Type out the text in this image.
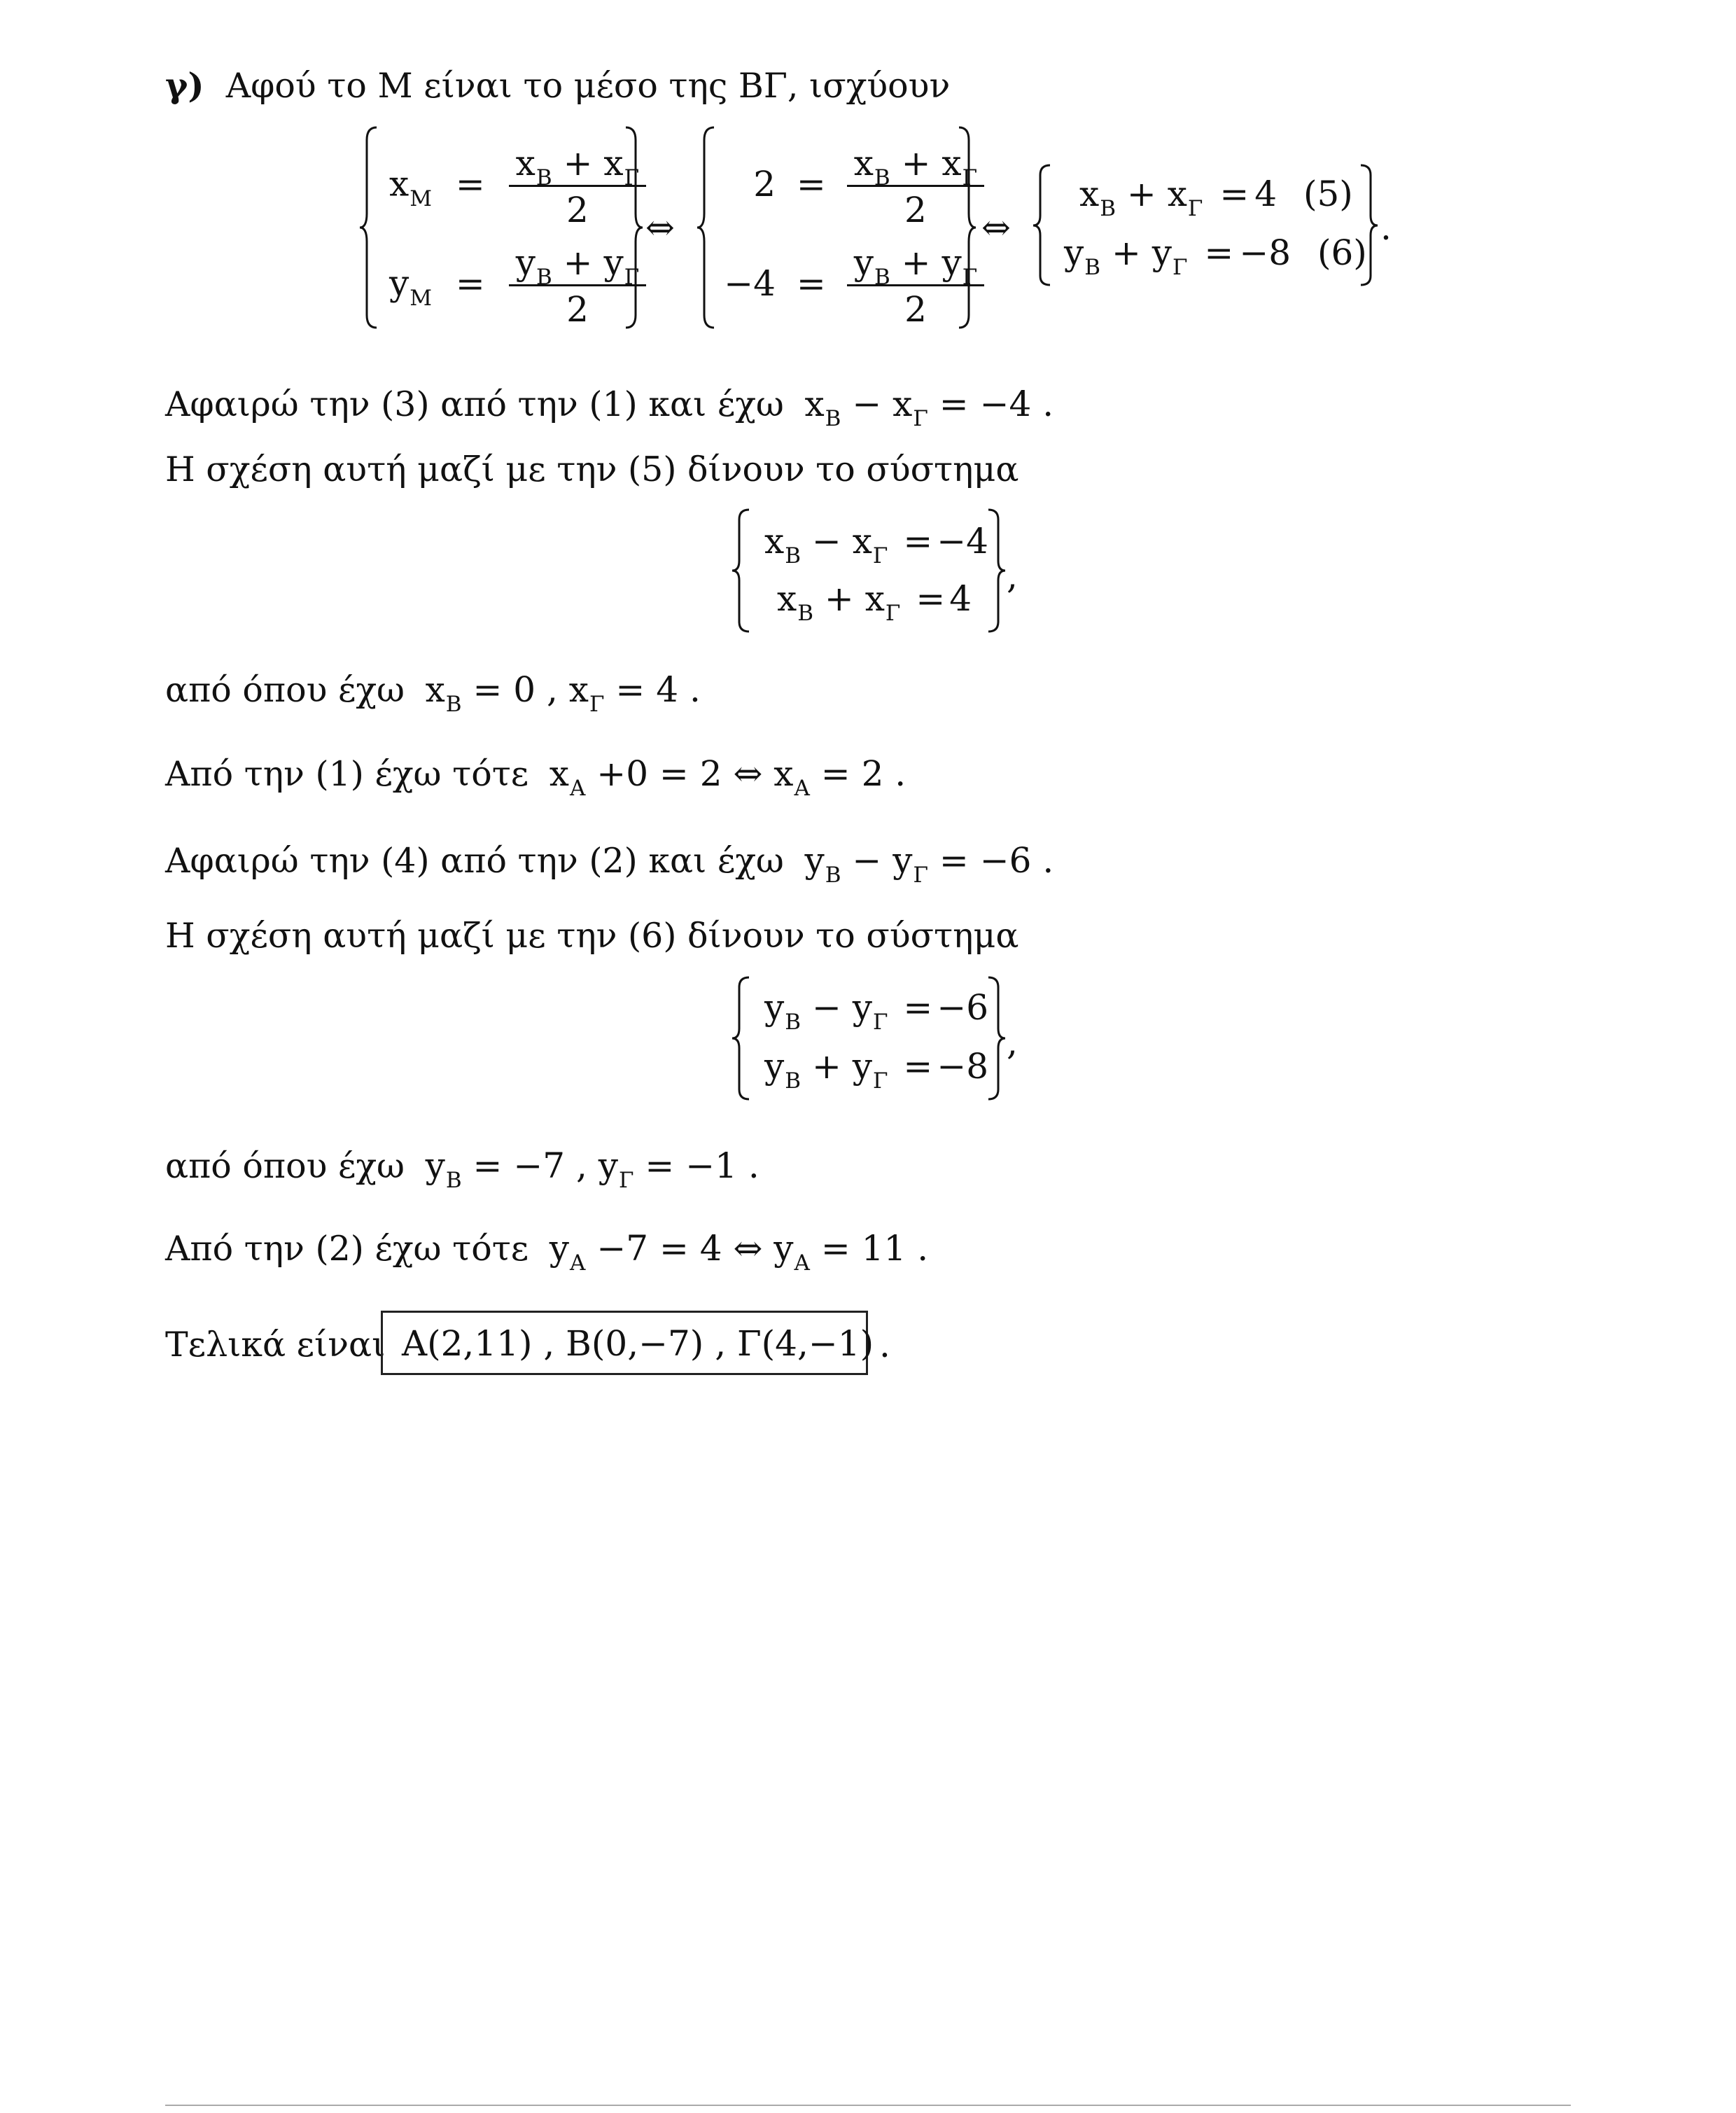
γ) Αφού το Μ είναι το μέσο της ΒΓ, ισχύουν
$x_M = \frac{x_B + x_\Gamma}{2}$
$y_M = \frac{y_B + y_\Gamma}{2}$
⇔
$2 = \frac{x_B + x_\Gamma}{2}$
$-4 = \frac{y_B + y_\Gamma}{2}$
⇔
$x_B + x_\Gamma = 4$ (5)
$y_B + y_\Gamma = -8$ (6)
.
Αφαιρώ την (3) από την (1) και έχω $x_B - x_\Gamma = -4$ .
Η σχέση αυτή μαζί με την (5) δίνουν το σύστημα
$x_B - x_\Gamma = -4$
$x_B + x_\Gamma = 4$
,
από όπου έχω $x_B = 0$ , $x_\Gamma = 4$ .
Από την (1) έχω τότε $x_A +0 = 2$ ⇔ $x_A = 2$ .
Αφαιρώ την (4) από την (2) και έχω $y_B - y_\Gamma = -6$ .
Η σχέση αυτή μαζί με την (6) δίνουν το σύστημα
$y_B - y_\Gamma = -6$
$y_B + y_\Gamma = -8$
,
από όπου έχω $y_B = -7$ , $y_\Gamma = -1$ .
Από την (2) έχω τότε $y_A -7 = 4$ ⇔ $y_A = 11$ .
Τελικά είναι A(2,11) , B(0,−7) , Γ(4,−1) .
